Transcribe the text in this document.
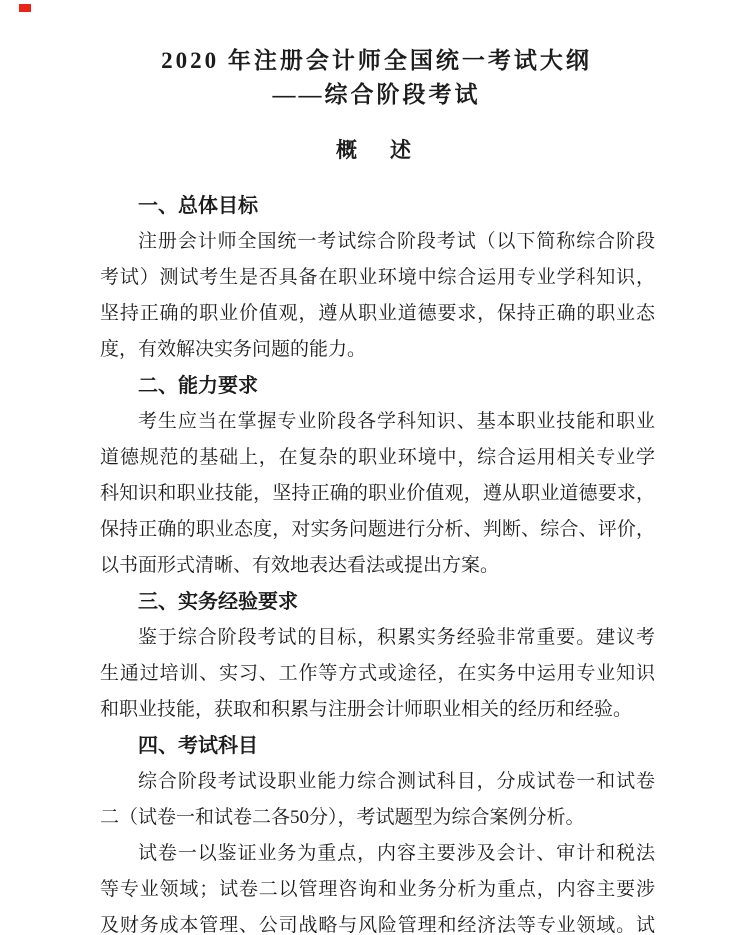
2020 年注册会计师全国统一考试大纲
——综合阶段考试
概　述
一、总体目标
注册会计师全国统一考试综合阶段考试（以下简称综合阶段
考试）测试考生是否具备在职业环境中综合运用专业学科知识，
坚持正确的职业价值观，遵从职业道德要求，保持正确的职业态
度，有效解决实务问题的能力。
二、能力要求
考生应当在掌握专业阶段各学科知识、基本职业技能和职业
道德规范的基础上，在复杂的职业环境中，综合运用相关专业学
科知识和职业技能，坚持正确的职业价值观，遵从职业道德要求，
保持正确的职业态度，对实务问题进行分析、判断、综合、评价，
以书面形式清晰、有效地表达看法或提出方案。
三、实务经验要求
鉴于综合阶段考试的目标，积累实务经验非常重要。建议考
生通过培训、实习、工作等方式或途径，在实务中运用专业知识
和职业技能，获取和积累与注册会计师职业相关的经历和经验。
四、考试科目
综合阶段考试设职业能力综合测试科目，分成试卷一和试卷
二（试卷一和试卷二各50分），考试题型为综合案例分析。
试卷一以鉴证业务为重点，内容主要涉及会计、审计和税法
等专业领域；试卷二以管理咨询和业务分析为重点，内容主要涉
及财务成本管理、公司战略与风险管理和经济法等专业领域。试
